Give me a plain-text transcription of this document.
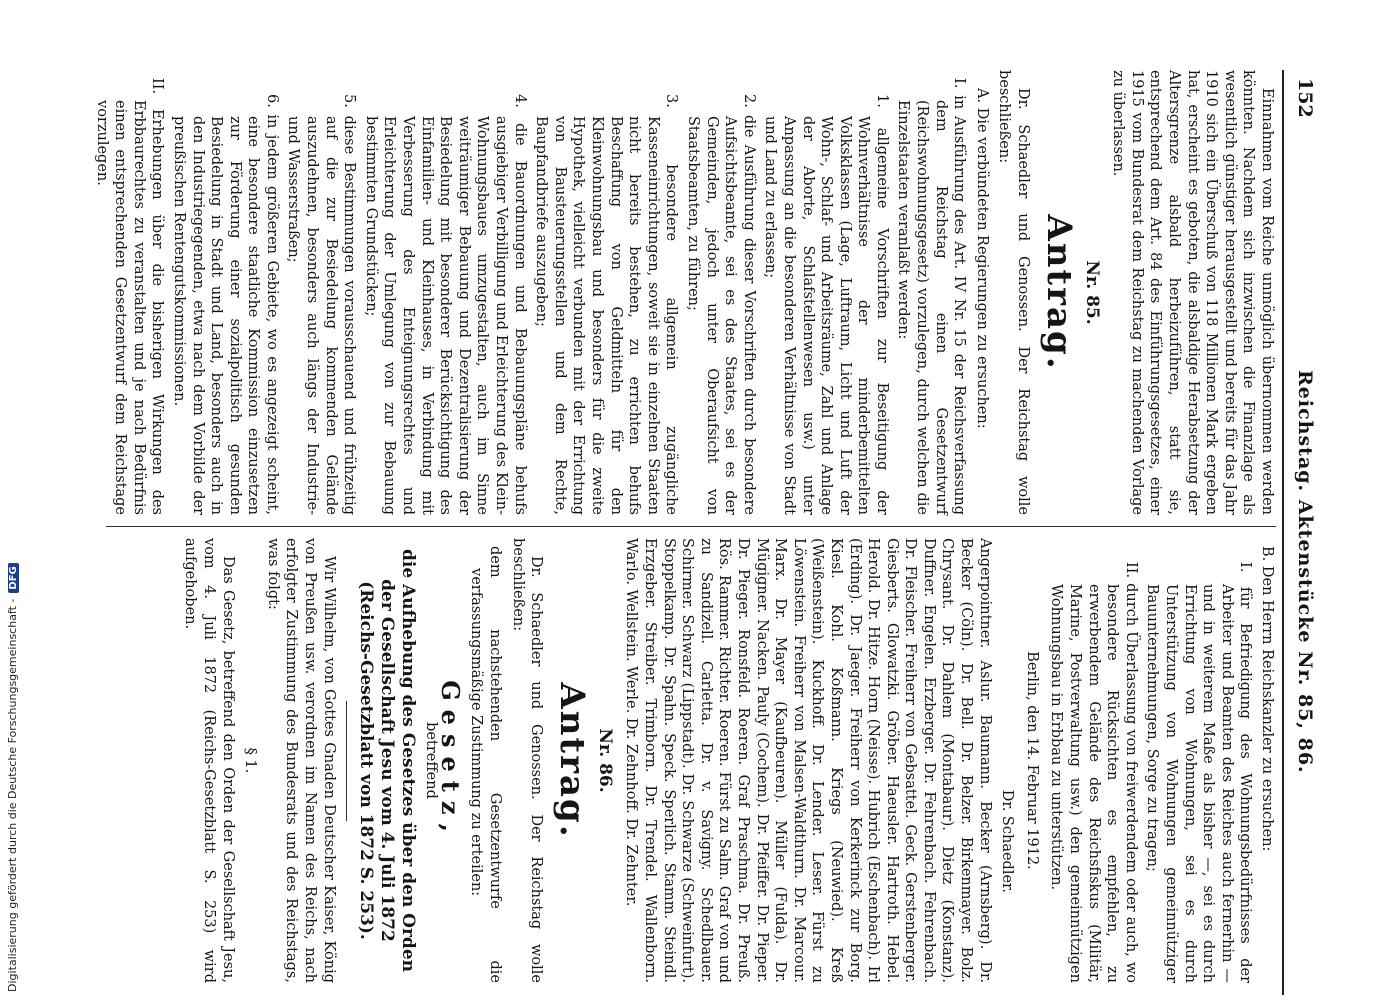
152
Reichstag. Aktenstücke Nr. 85, 86.

Einnahmen vom Reiche unmöglich übernommen werden könnten. Nachdem sich inzwischen die Finanzlage als wesentlich günstiger herausgestellt und bereits für das Jahr 1910 sich ein Überschuß von 118 Millionen Mark ergeben hat, erscheint es geboten, die alsbaldige Herabsetzung der Altersgrenze alsbald herbeizuführen, statt sie, entsprechend dem Art. 84 des Einführungsgesetzes, einer 1915 vom Bundesrat dem Reichstag zu machenden Vorlage zu überlassen.

Nr. 85.

Antrag.

Dr. Schaedler und Genossen. Der Reichstag wolle beschließen:

A. Die verbündeten Regierungen zu ersuchen:

I. in Ausführung des Art. IV Nr. 15 der Reichsverfassung dem Reichstag einen Gesetzentwurf (Reichswohnungsgesetz) vorzulegen, durch welchen die Einzelstaaten veranlaßt werden:

1. allgemeine Vorschriften zur Beseitigung der Wohnverhältnisse der minderbemittelten Volksklassen (Lage, Luftraum, Licht und Luft der Wohn-, Schlaf- und Arbeitsräume, Zahl und Anlage der Aborte, Schlafstellenwesen usw.) unter Anpassung an die besonderen Verhältnisse von Stadt und Land zu erlassen;

2. die Ausführung dieser Vorschriften durch besondere Aufsichtsbeamte, sei es des Staates, sei es der Gemeinden, jedoch unter Oberaufsicht von Staatsbeamten, zu führen;

3. besondere allgemein zugängliche Kasseneinrichtungen, soweit sie in einzelnen Staaten nicht bereits bestehen, zu errichten behufs Beschaffung von Geldmitteln für den Kleinwohnungsbau und besonders für die zweite Hypothek, vielleicht verbunden mit der Errichtung von Bausteuerungsstellen und dem Rechte, Baupfandbriefe auszugeben;

4. die Bauordnungen und Bebauungspläne behufs ausgiebiger Verbilligung und Erleichterung des Klein-Wohnungsbaues umzugestalten, auch im Sinne weiträumiger Bebauung und Dezentralisierung der Besiedelung mit besonderer Berücksichtigung des Einfamilien- und Kleinhauses, in Verbindung mit Verbesserung des Enteignungsrechtes und Erleichterung der Umlegung von zur Bebauung bestimmten Grundstücken;

5. diese Bestimmungen vorausschauend und frühzeitig auf die zur Besiedelung kommenden Gelände auszudehnen, besonders auch längs der Industrie- und Wasserstraßen;

6. in jedem größeren Gebiete, wo es angezeigt scheint, eine besondere staatliche Kommission einzusetzen zur Förderung einer sozialpolitisch gesunden Besiedelung in Stadt und Land, besonders auch in den Industriegegenden, etwa nach dem Vorbilde der preußischen Rentengutskommissionen.

II. Erhebungen über die bisherigen Wirkungen des Erbbaurechtes zu veranstalten und je nach Bedürfnis einen entsprechenden Gesetzentwurf dem Reichstage vorzulegen.

B. Den Herrn Reichskanzler zu ersuchen:

I. für Befriedigung des Wohnungsbedürfnisses der Arbeiter und Beamten des Reiches auch fernerhin — und in weiterem Maße als bisher —, sei es durch Errichtung von Wohnungen, sei es durch Unterstützung von Wohnungen gemeinnütziger Bauunternehmungen, Sorge zu tragen;

II. durch Überlassung von freiwerdendem oder auch, wo besondere Rücksichten es empfehlen, zu erwerbendem Gelände des Reichsfiskus (Militär, Marine, Postverwaltung usw.) den gemeinnützigen Wohnungsbau in Erbbau zu unterstützen.

Berlin, den 14. Februar 1912.

Dr. Schaedler.

Angerpointner. Aslur. Baumann. Becker (Arnsberg). Dr. Becker (Cöln). Dr. Bell. Dr. Belzer. Birkenmayer. Bolz. Chrysant. Dr. Dahlem (Montabaur). Dietz (Konstanz). Duffner. Engelen. Erzberger. Dr. Fehrenbach. Fehrenbach. Dr. Fleischer. Freiherr von Gebsattel. Geck. Gerstenberger. Giesberts. Glowatzki. Gröber. Haeusler. Hartroth. Hebel. Herold. Dr. Hitze. Horn (Neisse). Hubrich (Eschenbach). Irl (Erding). Dr. Jaeger. Freiherr von Kerkerinck zur Borg. Kiesl. Kohl. Koßmann. Kriegs (Neuwied). Kreß (Weißenstein). Kuckhoff. Dr. Lender. Leser. Fürst zu Löwenstein. Freiherr von Malsen-Waldthurn. Dr. Marcour. Marx. Dr. Mayer (Kaufbeuren). Müller (Fulda). Dr. Mügigner. Nacken. Pauly (Cochem). Dr. Pfeiffer. Dr. Pieper. Dr. Pieger. Ronsfeld. Roeren. Graf Praschma. Dr. Preuß. Rös. Rammer. Richter. Roeren. Fürst zu Salm. Graf von und zu Sandizell. Carletta. Dr. v. Savigny. Schedlbauer. Schirmer. Schwarz (Lippstadt). Dr. Schwarze (Schweinfurt). Stoppelkamp. Dr. Spahn. Speck. Sperlich. Stamm. Steindl. Erzgeber. Streiber. Trimborn. Dr. Trendel. Wallenborn. Warlo. Wellstein. Werle. Dr. Zehnhoff. Dr. Zehnter.

Nr. 86.

Antrag.

Dr. Schaedler und Genossen. Der Reichstag wolle beschließen:

dem nachstehenden Gesetzentwurfe die verfassungsmäßige Zustimmung zu erteilen:

Gesetz,

betreffend

die Aufhebung des Gesetzes über den Orden der Gesellschaft Jesu vom 4. Juli 1872 (Reichs-Gesetzblatt von 1872 S. 253).

Wir Wilhelm, von Gottes Gnaden Deutscher Kaiser, König von Preußen usw. verordnen im Namen des Reichs, nach erfolgter Zustimmung des Bundesrats und des Reichstags, was folgt:

§ 1.

Das Gesetz, betreffend den Orden der Gesellschaft Jesu, vom 4. Juli 1872 (Reichs-Gesetzblatt S. 253) wird aufgehoben.

Digitalisierung gefördert durch die Deutsche Forschungsgemeinschaft -DFG
